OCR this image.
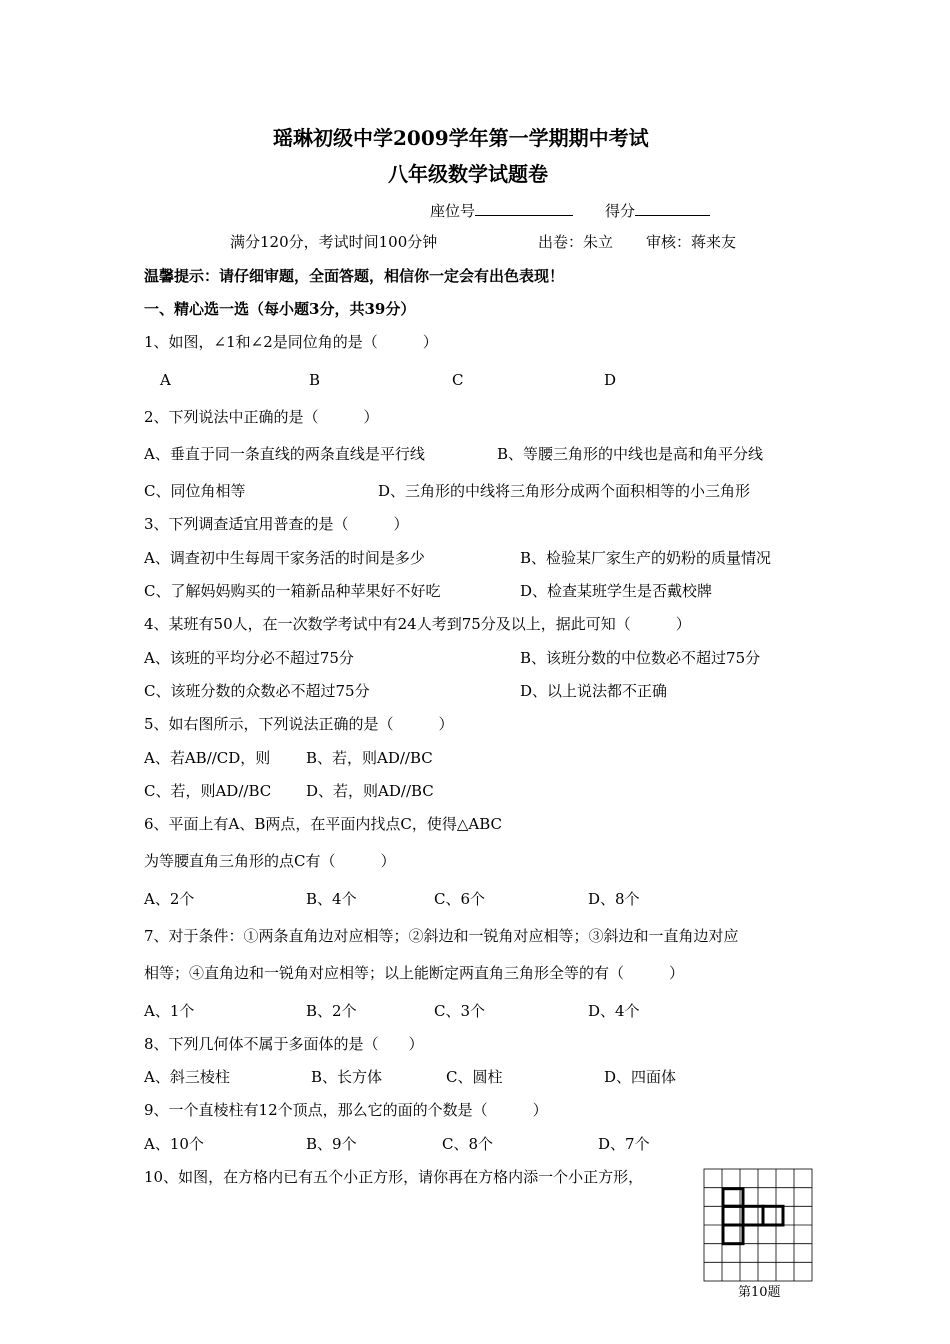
瑶琳初级中学2009学年第一学期期中考试
八年级数学试题卷
座位号	得分
满分120分，考试时间100分钟	出卷：朱立 审核：蒋来友
温馨提示：请仔细审题，全面答题，相信你一定会有出色表现！
一、精心选一选（每小题3分，共39分）
1、如图，∠1和∠2是同位角的是（　　　）
A	B	C	D
2、下列说法中正确的是（　　　）
A、垂直于同一条直线的两条直线是平行线	B、等腰三角形的中线也是高和角平分线
C、同位角相等	D、三角形的中线将三角形分成两个面积相等的小三角形
3、下列调查适宜用普查的是（　　　）
A、调查初中生每周干家务活的时间是多少	B、检验某厂家生产的奶粉的质量情况
C、了解妈妈购买的一箱新品种苹果好不好吃	D、检查某班学生是否戴校牌
4、某班有50人，在一次数学考试中有24人考到75分及以上，据此可知（　　　）
A、该班的平均分必不超过75分	B、该班分数的中位数必不超过75分
C、该班分数的众数必不超过75分	D、以上说法都不正确
5、如右图所示，下列说法正确的是（　　　）
A、若AB//CD，则 B、若，则AD//BC
C、若，则AD//BC D、若，则AD//BC
6、平面上有A、B两点，在平面内找点C，使得△ABC
为等腰直角三角形的点C有（　　　）
A、2个	B、4个	C、6个	D、8个
7、对于条件：①两条直角边对应相等；②斜边和一锐角对应相等；③斜边和一直角边对应
相等；④直角边和一锐角对应相等；以上能断定两直角三角形全等的有（　　　）
A、1个	B、2个	C、3个	D、4个
8、下列几何体不属于多面体的是（　　）
A、斜三棱柱	B、长方体	C、圆柱	D、四面体
9、一个直棱柱有12个顶点，那么它的面的个数是（　　　）
A、10个	B、9个	C、8个	D、7个
10、如图，在方格内已有五个小正方形，请你再在方格内添一个小正方形，
第10题
